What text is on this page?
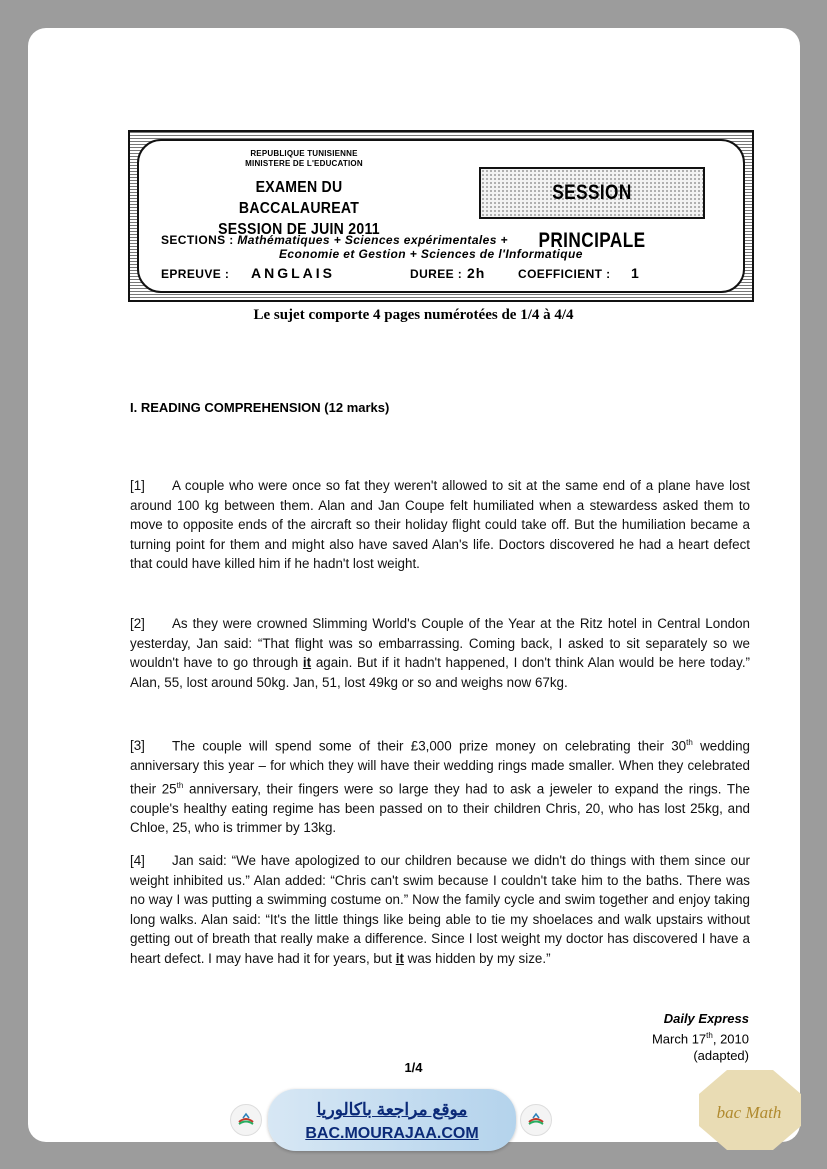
REPUBLIQUE TUNISIENNE
MINISTERE DE L'EDUCATION
EXAMEN DU BACCALAUREAT
SESSION DE JUIN 2011
SESSION PRINCIPALE
SECTIONS : Mathématiques + Sciences expérimentales +
Economie et Gestion + Sciences de l'Informatique
EPREUVE : ANGLAIS	DUREE : 2h	COEFFICIENT : 1
Le sujet comporte 4 pages numérotées de 1/4 à 4/4
I. READING COMPREHENSION (12 marks)
[1] A couple who were once so fat they weren't allowed to sit at the same end of a plane have lost around 100 kg between them. Alan and Jan Coupe felt humiliated when a stewardess asked them to move to opposite ends of the aircraft so their holiday flight could take off. But the humiliation became a turning point for them and might also have saved Alan's life. Doctors discovered he had a heart defect that could have killed him if he hadn't lost weight.
[2] As they were crowned Slimming World's Couple of the Year at the Ritz hotel in Central London yesterday, Jan said: “That flight was so embarrassing. Coming back, I asked to sit separately so we wouldn't have to go through it again. But if it hadn't happened, I don't think Alan would be here today.” Alan, 55, lost around 50kg. Jan, 51, lost 49kg or so and weighs now 67kg.
[3] The couple will spend some of their £3,000 prize money on celebrating their 30th wedding anniversary this year – for which they will have their wedding rings made smaller. When they celebrated their 25th anniversary, their fingers were so large they had to ask a jeweler to expand the rings. The couple's healthy eating regime has been passed on to their children Chris, 20, who has lost 25kg, and Chloe, 25, who is trimmer by 13kg.
[4] Jan said: “We have apologized to our children because we didn't do things with them since our weight inhibited us.” Alan added: “Chris can't swim because I couldn't take him to the baths. There was no way I was putting a swimming costume on.” Now the family cycle and swim together and enjoy taking long walks. Alan said: “It's the little things like being able to tie my shoelaces and walk upstairs without getting out of breath that really make a difference. Since I lost weight my doctor has discovered I have a heart defect. I may have had it for years, but it was hidden by my size.”
Daily Express
March 17th, 2010
(adapted)
1/4
موقع مراجعة باكالوريا
BAC.MOURAJAA.COM
bac Math
